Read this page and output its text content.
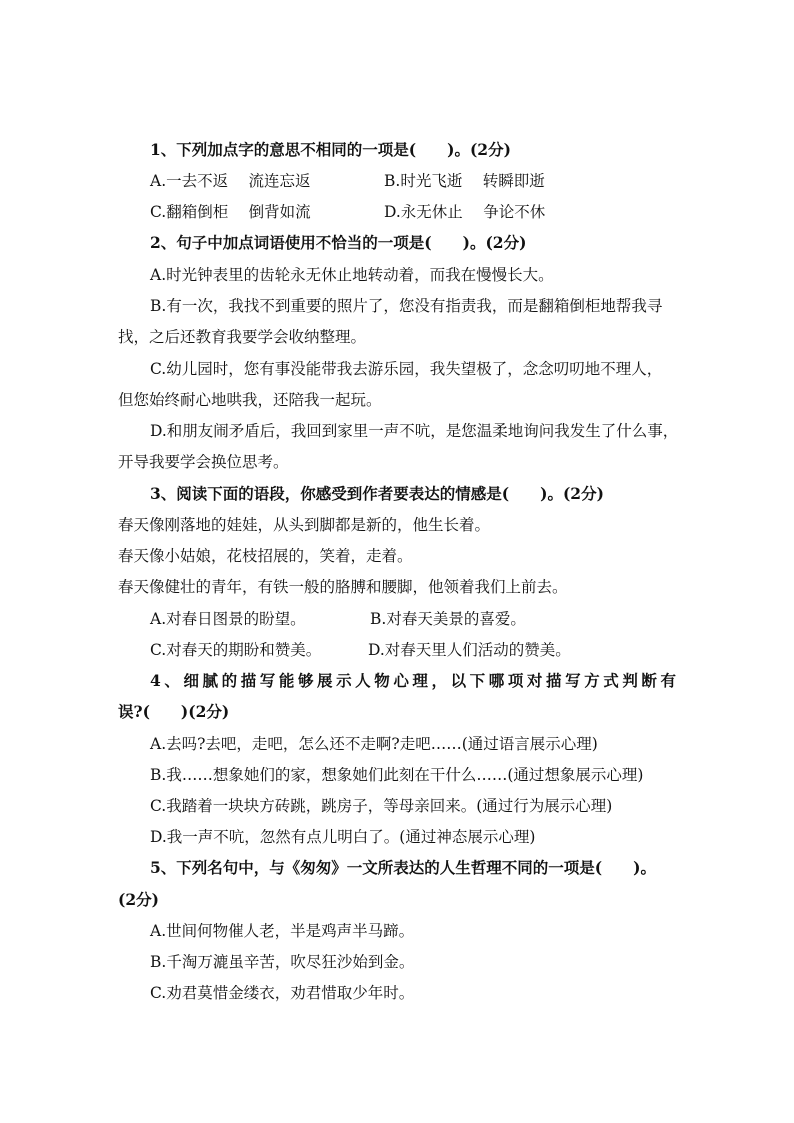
1、下列加点字的意思不相同的一项是(　　)。(2分)
A.一去不返　 流连忘返	B.时光飞逝　 转瞬即逝
C.翻箱倒柜　 倒背如流	D.永无休止　 争论不休
2、句子中加点词语使用不恰当的一项是(　　)。(2分)
A.时光钟表里的齿轮永无休止地转动着，而我在慢慢长大。
B.有一次，我找不到重要的照片了，您没有指责我，而是翻箱倒柜地帮我寻
找，之后还教育我要学会收纳整理。
C.幼儿园时，您有事没能带我去游乐园，我失望极了，念念叨叨地不理人，
但您始终耐心地哄我，还陪我一起玩。
D.和朋友闹矛盾后，我回到家里一声不吭，是您温柔地询问我发生了什么事，
开导我要学会换位思考。
3、阅读下面的语段，你感受到作者要表达的情感是(　　)。(2分)
春天像刚落地的娃娃，从头到脚都是新的，他生长着。
春天像小姑娘，花枝招展的，笑着，走着。
春天像健壮的青年，有铁一般的胳膊和腰脚，他领着我们上前去。
A.对春日图景的盼望。	B.对春天美景的喜爱。
C.对春天的期盼和赞美。	D.对春天里人们活动的赞美。
4、细腻的描写能够展示人物心理，以下哪项对描写方式判断有
误?(　　)(2分)
A.去吗?去吧，走吧，怎么还不走啊?走吧……(通过语言展示心理)
B.我……想象她们的家，想象她们此刻在干什么……(通过想象展示心理)
C.我踏着一块块方砖跳，跳房子，等母亲回来。(通过行为展示心理)
D.我一声不吭，忽然有点儿明白了。(通过神态展示心理)
5、下列名句中，与《匆匆》一文所表达的人生哲理不同的一项是(　　)。
(2分)
A.世间何物催人老，半是鸡声半马蹄。
B.千淘万漉虽辛苦，吹尽狂沙始到金。
C.劝君莫惜金缕衣，劝君惜取少年时。
